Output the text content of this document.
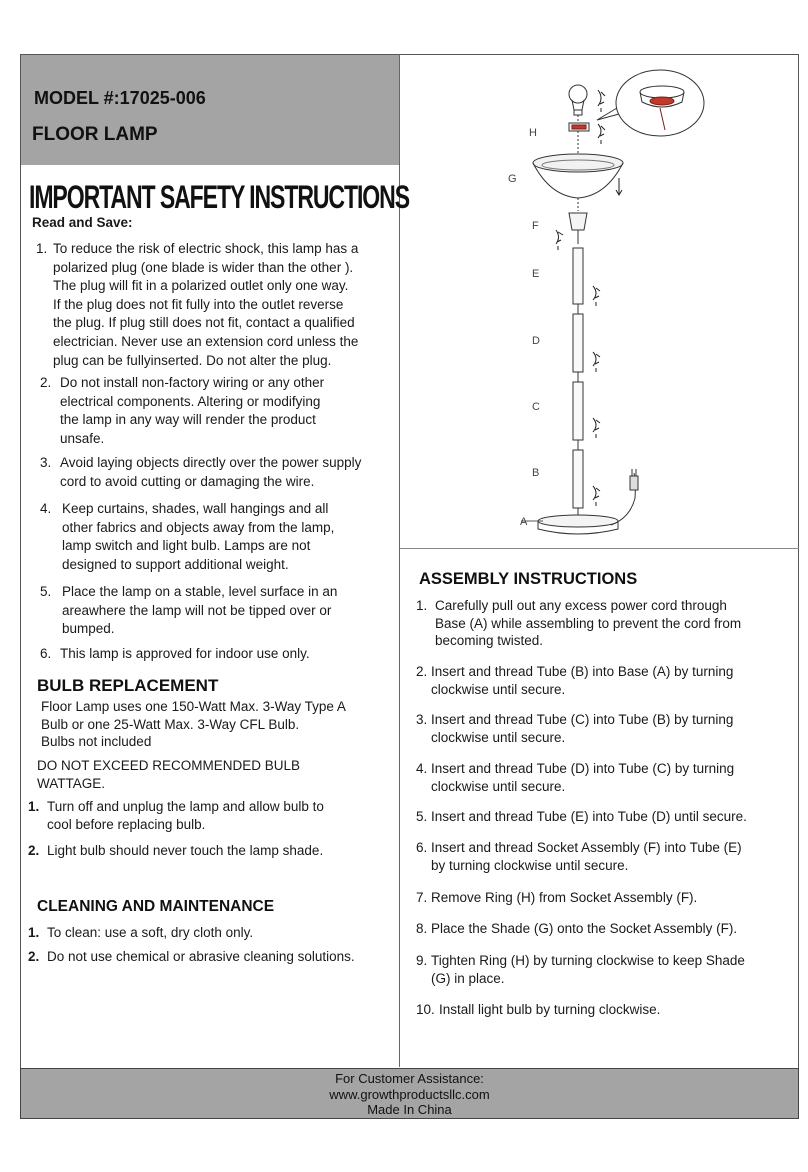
MODEL #:17025-006
FLOOR LAMP
IMPORTANT SAFETY INSTRUCTIONS
Read and Save:
1. To reduce the risk of electric shock, this lamp has a
polarized plug (one blade is wider than the other ).
The plug will fit in a polarized outlet only one way.
If the plug does not fit fully into the outlet reverse
the plug. If plug still does not fit, contact a qualified
electrician. Never use an extension cord unless the
plug can be fullyinserted. Do not alter the plug.
2. Do not install non-factory wiring or any other
electrical components. Altering or modifying
the lamp in any way will render the product
unsafe.
3. Avoid laying objects directly over the power supply
cord to avoid cutting or damaging the wire.
4. Keep curtains, shades, wall hangings and all
other fabrics and objects away from the lamp,
lamp switch and light bulb. Lamps are not
designed to support additional weight.
5. Place the lamp on a stable, level surface in an
areawhere the lamp will not be tipped over or
bumped.
6. This lamp is approved for indoor use only.
BULB REPLACEMENT
Floor Lamp uses one 150-Watt Max. 3-Way Type A
Bulb or one 25-Watt Max. 3-Way CFL Bulb.
Bulbs not included
DO NOT EXCEED RECOMMENDED BULB
WATTAGE.
1. Turn off and unplug the lamp and allow bulb to
cool before replacing bulb.
2. Light bulb should never touch the lamp shade.
CLEANING AND MAINTENANCE
1. To clean: use a soft, dry cloth only.
2. Do not use chemical or abrasive cleaning solutions.
H
G
F
E
D
C
B
A
ASSEMBLY INSTRUCTIONS
1. Carefully pull out any excess power cord through
Base (A) while assembling to prevent the cord from
becoming twisted.
2. Insert and thread Tube (B) into Base (A) by turning
clockwise until secure.
3. Insert and thread Tube (C) into Tube (B) by turning
clockwise until secure.
4. Insert and thread Tube (D) into Tube (C) by turning
clockwise until secure.
5. Insert and thread Tube (E) into Tube (D) until secure.
6. Insert and thread Socket Assembly (F) into Tube (E)
by turning clockwise until secure.
7. Remove Ring (H) from Socket Assembly (F).
8. Place the Shade (G) onto the Socket Assembly (F).
9. Tighten Ring (H) by turning clockwise to keep Shade
(G) in place.
10. Install light bulb by turning clockwise.
For Customer Assistance:
www.growthproductsllc.com
Made In China
